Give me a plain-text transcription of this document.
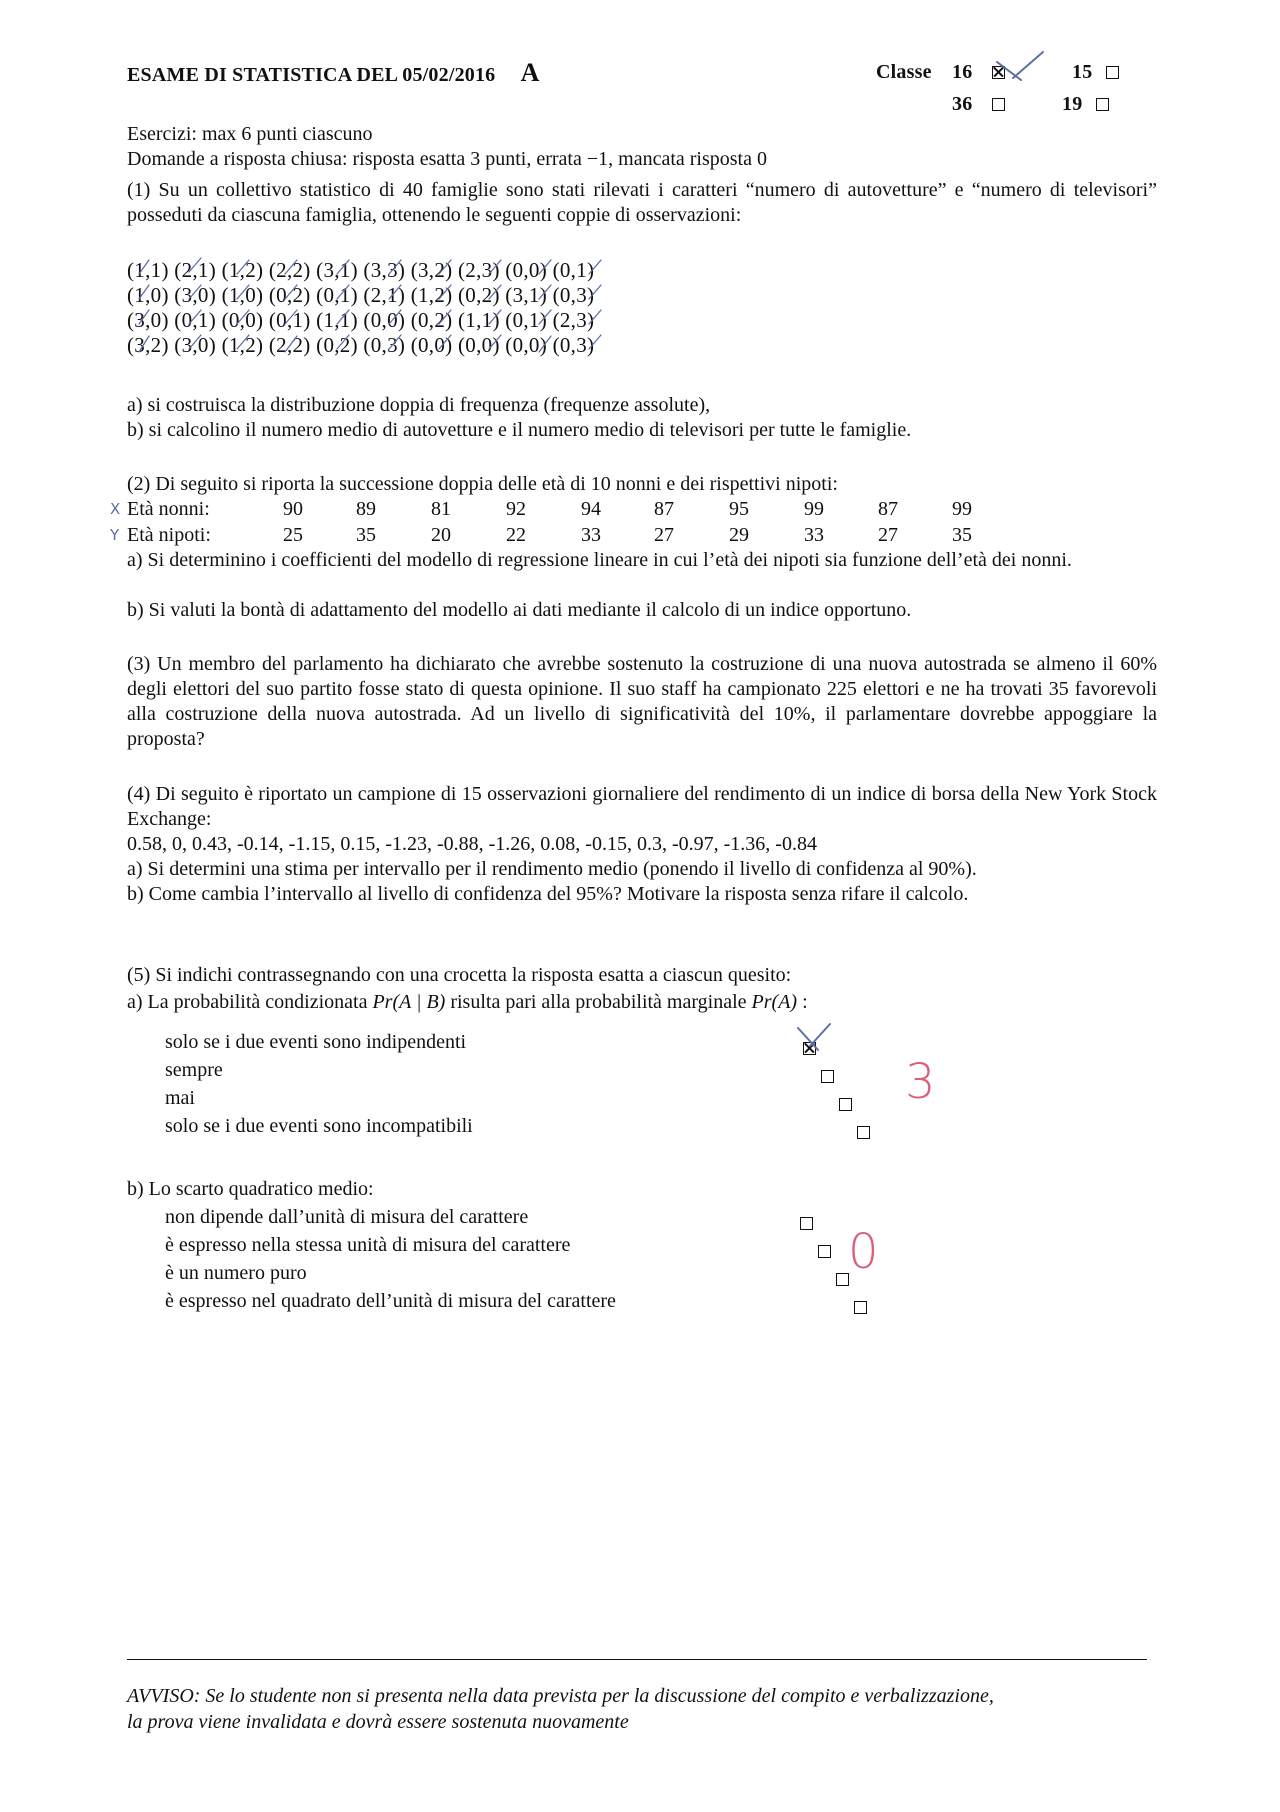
ESAME DI STATISTICA DEL 05/02/2016 A	Classe 16	15
36	19
Esercizi: max 6 punti ciascuno
Domande a risposta chiusa: risposta esatta 3 punti, errata −1, mancata risposta 0
(1) Su un collettivo statistico di 40 famiglie sono stati rilevati i caratteri “numero di autovetture” e “numero di televisori” posseduti da ciascuna famiglia, ottenendo le seguenti coppie di osservazioni:
(1,1) (2,1) (1,2) (2,2) (3,1) (3,3) (3,2) (2,3) (0,0) (0,1)
(1,0) (3,0) (1,0) (0,2) (0,1) (2,1) (1,2) (0,2) (3,1) (0,3)
(3,0) (0,1) (0,0) (0,1) (1,1) (0,0) (0,2) (1,1) (0,1) (2,3)
(3,2) (3,0) (1,2) (2,2) (0,2) (0,3) (0,0) (0,0) (0,0) (0,3)
a) si costruisca la distribuzione doppia di frequenza (frequenze assolute),
b) si calcolino il numero medio di autovetture e il numero medio di televisori per tutte le famiglie.
(2) Di seguito si riporta la successione doppia delle età di 10 nonni e dei rispettivi nipoti:
X Età nonni:	90	89	81	92	94	87	95	99	87	99
Y Età nipoti:	25	35	20	22	33	27	29	33	27	35
a) Si determinino i coefficienti del modello di regressione lineare in cui l’età dei nipoti sia funzione dell’età dei nonni.
b) Si valuti la bontà di adattamento del modello ai dati mediante il calcolo di un indice opportuno.
(3) Un membro del parlamento ha dichiarato che avrebbe sostenuto la costruzione di una nuova autostrada se almeno il 60% degli elettori del suo partito fosse stato di questa opinione. Il suo staff ha campionato 225 elettori e ne ha trovati 35 favorevoli alla costruzione della nuova autostrada. Ad un livello di significatività del 10%, il parlamentare dovrebbe appoggiare la proposta?
(4) Di seguito è riportato un campione di 15 osservazioni giornaliere del rendimento di un indice di borsa della New York Stock Exchange:
0.58, 0, 0.43, -0.14, -1.15, 0.15, -1.23, -0.88, -1.26, 0.08, -0.15, 0.3, -0.97, -1.36, -0.84
a) Si determini una stima per intervallo per il rendimento medio (ponendo il livello di confidenza al 90%).
b) Come cambia l’intervallo al livello di confidenza del 95%? Motivare la risposta senza rifare il calcolo.
(5) Si indichi contrassegnando con una crocetta la risposta esatta a ciascun quesito:
a) La probabilità condizionata Pr(A | B) risulta pari alla probabilità marginale Pr(A) :
solo se i due eventi sono indipendenti

sempre

mai

solo se i due eventi sono incompatibili

3
b) Lo scarto quadratico medio:
non dipende dall’unità di misura del carattere

è espresso nella stessa unità di misura del carattere

è un numero puro

è espresso nel quadrato dell’unità di misura del carattere
0
AVVISO: Se lo studente non si presenta nella data prevista per la discussione del compito e verbalizzazione,
la prova viene invalidata e dovrà essere sostenuta nuovamente
